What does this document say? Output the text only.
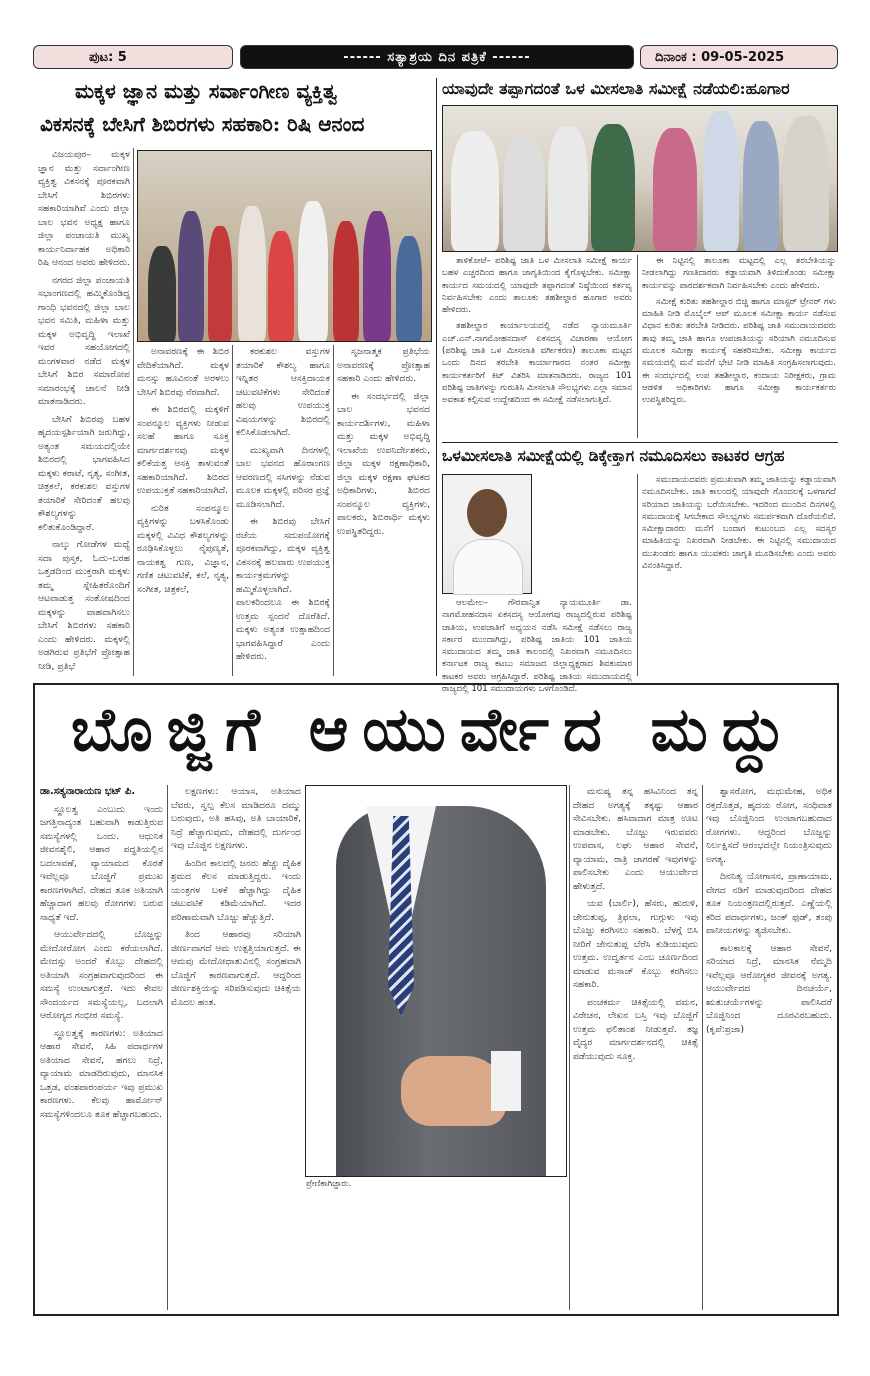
ಪುಟ: 5	------ ಸತ್ಯಾಶ್ರಯ ದಿನ ಪತ್ರಿಕೆ ------	ದಿನಾಂಕ : 09-05-2025
ಮಕ್ಕಳ ಜ್ಞಾನ ಮತ್ತು ಸರ್ವಾಂಗೀಣ ವ್ಯಕ್ತಿತ್ವ
ವಿಕಸನಕ್ಕೆ ಬೇಸಿಗೆ ಶಿಬಿರಗಳು ಸಹಕಾರಿ: ರಿಷಿ ಆನಂದ

ವಿಜಯಪುರ– ಮಕ್ಕಳ ಜ್ಞಾನ ಮತ್ತು ಸರ್ವಾಂಗೀಣ ವ್ಯಕ್ತಿತ್ವ ವಿಕಸನಕ್ಕೆ ಪೂರಕವಾಗಿ ಬೇಸಿಗೆ ಶಿಬಿರಗಳು ಸಹಕಾರಿಯಾಗಿವೆ ಎಂದು ಜಿಲ್ಲಾ ಬಾಲ ಭವನ ಅಧ್ಯಕ್ಷ ಹಾಗೂ ಜಿಲ್ಲಾ ಪಂಚಾಯತಿ ಮುಖ್ಯ ಕಾರ್ಯನಿರ್ವಾಹಕ ಅಧಿಕಾರಿ ರಿಷಿ ಆನಂದ ಅವರು ಹೇಳಿದರು.

ನಗರದ ಜಿಲ್ಲಾ ಪಂಚಾಯತಿ ಸಭಾಂಗಣದಲ್ಲಿ ಹಮ್ಮಿಕೊಂಡಿದ್ದ ಗಾಂಧಿ ಭವನದಲ್ಲಿ ಜಿಲ್ಲಾ ಬಾಲ ಭವನ ಸಮಿತಿ, ಮಹಿಳಾ ಮತ್ತು ಮಕ್ಕಳ ಅಭಿವೃದ್ಧಿ ಇಲಾಖೆ ಇವರ ಸಹಯೋಗದಲ್ಲಿ ಮಂಗಳವಾರ ನಡೆದ ಮಕ್ಕಳ ಬೇಸಿಗೆ ಶಿಬಿರ ಸಮಾರೋಪ ಸಮಾರಂಭಕ್ಕೆ ಚಾಲನೆ ನೀಡಿ ಮಾತನಾಡಿದರು.

ಬೇಸಿಗೆ ಶಿಬಿರವು ಬಹಳ ಹೃದಯಸ್ಪರ್ಶಿಯಾಗಿ ಜರುಗಿದ್ದು, ಅತ್ಯಂತ ಸಮಯದಲ್ಲಿಯೇ ಶಿಬಿರದಲ್ಲಿ ಭಾಗವಹಿಸಿದ ಮಕ್ಕಳು ಕರಾಟೆ, ನೃತ್ಯ, ಸಂಗೀತ, ಚಿತ್ರಕಲೆ, ಕರಕುಶಲ ವಸ್ತುಗಳ ತಯಾರಿಕೆ ಸೇರಿದಂತೆ ಹಲವು ಕೌಶಲ್ಯಗಳನ್ನು ಕಲಿತುಕೊಂಡಿದ್ದಾರೆ.

ನಾಲ್ಕು ಗೋಡೆಗಳ ಮಧ್ಯೆ ಸದಾ ಪುಸ್ತಕ, ಓದು–ಬರಹ ಒತ್ತಡದಿಂದ ಮುಕ್ತರಾಗಿ ಮಕ್ಕಳು ತಮ್ಮ ಸ್ನೇಹಿತರೊಂದಿಗೆ ಆಟವಾಡುತ್ತ ಸಂತೋಷದಿಂದ ಮಕ್ಕಳನ್ನು ವಾಹವಾಗಿಸಲು ಬೇಸಿಗೆ ಶಿಬಿರಗಳು ಸಹಕಾರಿ ಎಂದು ಹೇಳಿದರು. ಮಕ್ಕಳಲ್ಲಿ ಅಡಗಿರುವ ಪ್ರತಿಭೆಗೆ ಪ್ರೋತ್ಸಾಹ ನೀಡಿ, ಪ್ರತಿಭೆ

ಅನಾವರಣಕ್ಕೆ ಈ ಶಿಬಿರ ವೇದಿಕೆಯಾಗಿದೆ. ಮಕ್ಕಳ ಮನಸ್ಸು ಹೂವಿನಂತೆ ಅರಳಲು ಬೇಸಿಗೆ ಶಿಬಿರವು ನೆರವಾಗಿದೆ.

ಈ ಶಿಬಿರದಲ್ಲಿ ಮಕ್ಕಳಿಗೆ ಸಂಪನ್ಮೂಲ ವ್ಯಕ್ತಿಗಳು ನೀಡುವ ಸಲಹೆ ಹಾಗೂ ಸೂಕ್ತ ಮಾರ್ಗದರ್ಶನವು ಮಕ್ಕಳ ಕಲಿಕೆಯತ್ತ ಆಸಕ್ತಿ ತಾಳುವಂತೆ ಸಹಕಾರಿಯಾಗಿದೆ. ಶಿಬಿರದ ಉಪಯುಕ್ತತೆ ಸಹಕಾರಿಯಾಗಿದೆ.

ನುರಿತ ಸಂಪನ್ಮೂಲ ವ್ಯಕ್ತಿಗಳನ್ನು ಬಳಸಿಕೊಂಡು ಮಕ್ಕಳಲ್ಲಿ ವಿವಿಧ ಕೌಶಲ್ಯಗಳನ್ನು ರೂಢಿಸಿಕೊಳ್ಳಲು ನೈಪುಣ್ಯತೆ, ನಾಯಕತ್ವ ಗುಣ, ವಿಜ್ಞಾನ, ಗಣಿತ ಚಟುವಟಿಕೆ, ಕಲೆ, ನೃತ್ಯ, ಸಂಗೀತ, ಚಿತ್ರಕಲೆ,

ಕರಕುಶಲ ವಸ್ತುಗಳ ತಯಾರಿಕೆ ಕೌಶಲ್ಯ ಹಾಗೂ ಇನ್ನಿತರ ಆಸಕ್ತಿದಾಯಕ ಚಟುವಟಿಕೆಗಳು ಸೇರಿದಂತೆ ಹಲವು ಉಪಯುಕ್ತ ವಿಷಯಗಳನ್ನು ಶಿಬಿರದಲ್ಲಿ ಕಲಿಸಿಕೊಡಲಾಗಿದೆ.

ಮುಖ್ಯವಾಗಿ ದಿನಗಳಲ್ಲಿ ಬಾಲ ಭವನದ ಹೊರಾಂಗಣ ಆವರಣದಲ್ಲಿ ಸಸಿಗಳನ್ನು ನೆಡುವ ಮೂಲಕ ಮಕ್ಕಳಲ್ಲಿ ಪರಿಸರ ಪ್ರಜ್ಞೆ ಮೂಡಿಸಲಾಗಿದೆ.

ಈ ಶಿಬಿರವು ಬೇಸಿಗೆ ರಜೆಯ ಸದುಪಯೋಗಕ್ಕೆ ಪೂರಕವಾಗಿದ್ದು, ಮಕ್ಕಳ ವ್ಯಕ್ತಿತ್ವ ವಿಕಸನಕ್ಕೆ ಹಲವಾರು ಉಪಯುಕ್ತ ಕಾರ್ಯಕ್ರಮಗಳನ್ನು ಹಮ್ಮಿಕೊಳ್ಳಲಾಗಿದೆ. ಪಾಲಕರಿಂದಲೂ ಈ ಶಿಬಿರಕ್ಕೆ ಉತ್ತಮ ಸ್ಪಂದನೆ ದೊರೆತಿದೆ. ಮಕ್ಕಳು ಅತ್ಯಂತ ಉತ್ಸಾಹದಿಂದ ಭಾಗವಹಿಸಿದ್ದಾರೆ ಎಂದು ಹೇಳಿದರು.

ಸೃಜನಾತ್ಮಕ ಪ್ರತಿಭೆಯ ಅನಾವರಣಕ್ಕೆ ಪ್ರೋತ್ಸಾಹ ಸಹಕಾರಿ ಎಂದು ಹೇಳಿದರು.

ಈ ಸಂದರ್ಭದಲ್ಲಿ ಜಿಲ್ಲಾ ಬಾಲ ಭವನದ ಕಾರ್ಯದರ್ಶಿಗಳು, ಮಹಿಳಾ ಮತ್ತು ಮಕ್ಕಳ ಅಭಿವೃದ್ಧಿ ಇಲಾಖೆಯ ಉಪನಿರ್ದೇಶಕರು, ಜಿಲ್ಲಾ ಮಕ್ಕಳ ರಕ್ಷಣಾಧಿಕಾರಿ, ಜಿಲ್ಲಾ ಮಕ್ಕಳ ರಕ್ಷಣಾ ಘಟಕದ ಅಧಿಕಾರಿಗಳು, ಶಿಬಿರದ ಸಂಪನ್ಮೂಲ ವ್ಯಕ್ತಿಗಳು, ಪಾಲಕರು, ಶಿಬಿರಾರ್ಥಿ ಮಕ್ಕಳು ಉಪಸ್ಥಿತರಿದ್ದರು.

ಯಾವುದೇ ತಪ್ಪಾಗದಂತೆ ಒಳ ಮೀಸಲಾತಿ ಸಮೀಕ್ಷೆ ನಡೆಯಲಿ:ಹೂಗಾರ

ತಾಳಿಕೋಟೆ– ಪರಿಶಿಷ್ಟ ಜಾತಿ ಒಳ ಮೀಸಲಾತಿ ಸಮೀಕ್ಷೆ ಕಾರ್ಯ ಬಹಳ ಎಚ್ಚರದಿಂದ ಹಾಗೂ ಜಾಗೃತಿಯಿಂದ ಕೈಗೊಳ್ಳಬೇಕು. ಸಮೀಕ್ಷಾ ಕಾರ್ಯದ ಸಮಯದಲ್ಲಿ ಯಾವುದೇ ತಪ್ಪಾಗದಂತೆ ನಿಷ್ಠೆಯಿಂದ ಕರ್ತವ್ಯ ನಿರ್ವಹಿಸಬೇಕು ಎಂದು ತಾಲೂಕು ತಹಶೀಲ್ದಾರ ಹೂಗಾರ ಅವರು ಹೇಳಿದರು.

ತಹಶೀಲ್ದಾರ ಕಾರ್ಯಾಲಯದಲ್ಲಿ ನಡೆದ ನ್ಯಾಯಮೂರ್ತಿ ಎಚ್.ಎನ್.ನಾಗಮೋಹನದಾಸ್ ಏಕಸದಸ್ಯ ವಿಚಾರಣಾ ಆಯೋಗ (ಪರಿಶಿಷ್ಟ ಜಾತಿ ಒಳ ಮೀಸಲಾತಿ ವರ್ಗೀಕರಣ) ತಾಲೂಕಾ ಮಟ್ಟದ ಒಂದು ದಿನದ ತರಬೇತಿ ಕಾರ್ಯಾಗಾರದ ನಂತರ ಸಮೀಕ್ಷಾ ಕಾರ್ಯಕರ್ತರಿಗೆ ಕಿಟ್ ವಿತರಿಸಿ ಮಾತನಾಡಿದರು. ರಾಜ್ಯದ 101 ಪರಿಶಿಷ್ಟ ಜಾತಿಗಳನ್ನು ಗುರುತಿಸಿ ಮೀಸಲಾತಿ ಸೌಲಭ್ಯಗಳು ಎಲ್ಲಾ ಸಮಾನ ಅವಕಾಶ ಕಲ್ಪಿಸುವ ಉದ್ದೇಶದಿಂದ ಈ ಸಮೀಕ್ಷೆ ನಡೆಸಲಾಗುತ್ತಿದೆ.

ಈ ನಿಟ್ಟಿನಲ್ಲಿ ತಾಲೂಕಾ ಮಟ್ಟದಲ್ಲಿ ಎಲ್ಲ ತರಬೇತಿಯನ್ನು ನೀಡಲಾಗಿದ್ದು ಗಣತಿದಾರರು ಕಡ್ಡಾಯವಾಗಿ ತಿಳಿದುಕೊಂಡು ಸಮೀಕ್ಷಾ ಕಾರ್ಯವನ್ನು ಪಾರದರ್ಶಕವಾಗಿ ನಿರ್ವಹಿಸಬೇಕು ಎಂದು ಹೇಳಿದರು.

ಸಮೀಕ್ಷೆ ಕುರಿತು ತಹಶೀಲ್ದಾರ ಬಿಚ್ಚಿ ಹಾಗೂ ಮಾಸ್ಟರ್ ಟ್ರೇನರ್ ಗಳು ಮಾಹಿತಿ ನೀಡಿ ಮೊಬೈಲ್ ಆಪ್ ಮೂಲಕ ಸಮೀಕ್ಷಾ ಕಾರ್ಯ ನಡೆಸುವ ವಿಧಾನ ಕುರಿತು ತರಬೇತಿ ನೀಡಿದರು. ಪರಿಶಿಷ್ಟ ಜಾತಿ ಸಮುದಾಯದವರು ತಾವು ತಮ್ಮ ಜಾತಿ ಹಾಗೂ ಉಪಜಾತಿಯನ್ನು ಸರಿಯಾಗಿ ನಮೂದಿಸುವ ಮೂಲಕ ಸಮೀಕ್ಷಾ ಕಾರ್ಯಕ್ಕೆ ಸಹಕರಿಸಬೇಕು. ಸಮೀಕ್ಷಾ ಕಾರ್ಯದ ಸಮಯದಲ್ಲಿ ಮನೆ ಮನೆಗೆ ಭೇಟಿ ನೀಡಿ ಮಾಹಿತಿ ಸಂಗ್ರಹಿಸಲಾಗುವುದು. ಈ ಸಂದರ್ಭದಲ್ಲಿ ಉಪ ತಹಶೀಲ್ದಾರ, ಕಂದಾಯ ನಿರೀಕ್ಷಕರು, ಗ್ರಾಮ ಆಡಳಿತ ಅಧಿಕಾರಿಗಳು ಹಾಗೂ ಸಮೀಕ್ಷಾ ಕಾರ್ಯಕರ್ತರು ಉಪಸ್ಥಿತರಿದ್ದರು.

ಒಳಮೀಸಲಾತಿ ಸಮೀಕ್ಷೆಯಲ್ಲಿ ಡಿಕ್ಕೇಕ್ತಾಗ ನಮೂದಿಸಲು ಕಾಟಕರ ಆಗ್ರಹ

ಆಲಮೇಲ– ಗೌರವಾನ್ವಿತ ನ್ಯಾಯಮೂರ್ತಿ ಡಾ. ನಾಗಮೋಹನದಾಸ ಏಕಸದಸ್ಯ ಆಯೋಗವು ರಾಜ್ಯದಲ್ಲಿರುವ ಪರಿಶಿಷ್ಟ ಜಾತಿಯ, ಉಪಜಾತಿಗೆ ಅಧ್ಯಯನ ನಡೆಸಿ ಸಮೀಕ್ಷೆ ನಡೆಸಲು ರಾಜ್ಯ ಸರ್ಕಾರ ಮುಂದಾಗಿದ್ದು, ಪರಿಶಿಷ್ಟ ಜಾತಿಯ 101 ಜಾತಿಯ ಸಮುದಾಯದ ತಮ್ಮ ಜಾತಿ ಕಾಲಂದಲ್ಲಿ ನಿಖರವಾಗಿ ನಮೂದಿಸಲು ಕರ್ನಾಟಕ ರಾಜ್ಯ ಕಟಬು ಸಮಾಜದ ಜಿಲ್ಲಾಧ್ಯಕ್ಷರಾದ ಶಿವಕುಮಾರ ಕಾಟಕರ ಅವರು ಆಗ್ರಹಿಸಿದ್ದಾರೆ. ಪರಿಶಿಷ್ಟ ಜಾತಿಯ ಸಮುದಾಯದಲ್ಲಿ ರಾಜ್ಯದಲ್ಲಿ 101 ಸಮುದಾಯಗಳು ಒಳಗೊಂಡಿದೆ.

ಸಮುದಾಯದವರು ಪ್ರಮುಖವಾಗಿ ತಮ್ಮ ಜಾತಿಯನ್ನು ಕಡ್ಡಾಯವಾಗಿ ನಮೂದಿಸಬೇಕು. ಜಾತಿ ಕಾಲಂದಲ್ಲಿ ಯಾವುದೇ ಗೊಂದಲಕ್ಕೆ ಒಳಗಾಗದೆ ಸರಿಯಾದ ಜಾತಿಯನ್ನು ಬರೆಯಿಸಬೇಕು. ಇದರಿಂದ ಮುಂದಿನ ದಿನಗಳಲ್ಲಿ ಸಮುದಾಯಕ್ಕೆ ಸಿಗಬೇಕಾದ ಸೌಲಭ್ಯಗಳು ಸಮರ್ಪಕವಾಗಿ ದೊರೆಯಲಿವೆ. ಸಮೀಕ್ಷಾದಾರರು ಮನೆಗೆ ಬಂದಾಗ ಕುಟುಂಬದ ಎಲ್ಲ ಸದಸ್ಯರ ಮಾಹಿತಿಯನ್ನು ನಿಖರವಾಗಿ ನೀಡಬೇಕು. ಈ ನಿಟ್ಟಿನಲ್ಲಿ ಸಮುದಾಯದ ಮುಖಂಡರು ಹಾಗೂ ಯುವಕರು ಜಾಗೃತಿ ಮೂಡಿಸಬೇಕು ಎಂದು ಅವರು ವಿನಂತಿಸಿದ್ದಾರೆ.

ಬೊಜ್ಜಿಗೆ ಆಯುರ್ವೇದ ಮದ್ದು

ಡಾ.ಸತ್ಯನಾರಾಯಣ ಭಟ್ ಪಿ.

ಸ್ಥೂಲತ್ವ ಎಂಬುದು ಇಂದು ಜಗತ್ತಿನಾದ್ಯಂತ ಬಹುವಾಗಿ ಕಾಡುತ್ತಿರುವ ಸಮಸ್ಯೆಗಳಲ್ಲಿ ಒಂದು. ಆಧುನಿಕ ಜೀವನಶೈಲಿ, ಆಹಾರ ಪದ್ಧತಿಯಲ್ಲಿನ ಬದಲಾವಣೆ, ವ್ಯಾಯಾಮದ ಕೊರತೆ ಇವೆಲ್ಲವೂ ಬೊಜ್ಜಿಗೆ ಪ್ರಮುಖ ಕಾರಣಗಳಾಗಿವೆ. ದೇಹದ ತೂಕ ಅತಿಯಾಗಿ ಹೆಚ್ಚಾದಾಗ ಹಲವು ರೋಗಗಳು ಬರುವ ಸಾಧ್ಯತೆ ಇದೆ.

ಆಯುರ್ವೇದದಲ್ಲಿ ಬೊಜ್ಜನ್ನು ಮೇದೋರೋಗ ಎಂದು ಕರೆಯಲಾಗಿದೆ. ಮೇದಸ್ಸು ಅಂದರೆ ಕೊಬ್ಬು ದೇಹದಲ್ಲಿ ಅತಿಯಾಗಿ ಸಂಗ್ರಹವಾಗುವುದರಿಂದ ಈ ಸಮಸ್ಯೆ ಉಂಟಾಗುತ್ತದೆ. ಇದು ಕೇವಲ ಸೌಂದರ್ಯದ ಸಮಸ್ಯೆಯಲ್ಲ, ಬದಲಾಗಿ ಆರೋಗ್ಯದ ಗಂಭೀರ ಸಮಸ್ಯೆ.

ಸ್ಥೂಲತ್ವಕ್ಕೆ ಕಾರಣಗಳು: ಅತಿಯಾದ ಆಹಾರ ಸೇವನೆ, ಸಿಹಿ ಪದಾರ್ಥಗಳ ಅತಿಯಾದ ಸೇವನೆ, ಹಗಲು ನಿದ್ರೆ, ವ್ಯಾಯಾಮ ಮಾಡದಿರುವುದು, ಮಾನಸಿಕ ಒತ್ತಡ, ವಂಶಪಾರಂಪರ್ಯ ಇವು ಪ್ರಮುಖ ಕಾರಣಗಳು. ಕೆಲವು ಹಾರ್ಮೋನ್ ಸಮಸ್ಯೆಗಳಿಂದಲೂ ತೂಕ ಹೆಚ್ಚಾಗಬಹುದು.

ಲಕ್ಷಣಗಳು: ಆಯಾಸ, ಅತಿಯಾದ ಬೆವರು, ಸ್ವಲ್ಪ ಕೆಲಸ ಮಾಡಿದರೂ ದಮ್ಮು ಬರುವುದು, ಅತಿ ಹಸಿವು, ಅತಿ ಬಾಯಾರಿಕೆ, ನಿದ್ರೆ ಹೆಚ್ಚಾಗುವುದು, ದೇಹದಲ್ಲಿ ದುರ್ಗಂಧ ಇವು ಬೊಜ್ಜಿನ ಲಕ್ಷಣಗಳು.

ಹಿಂದಿನ ಕಾಲದಲ್ಲಿ ಜನರು ಹೆಚ್ಚು ದೈಹಿಕ ಶ್ರಮದ ಕೆಲಸ ಮಾಡುತ್ತಿದ್ದರು. ಇಂದು ಯಂತ್ರಗಳ ಬಳಕೆ ಹೆಚ್ಚಾಗಿದ್ದು ದೈಹಿಕ ಚಟುವಟಿಕೆ ಕಡಿಮೆಯಾಗಿದೆ. ಇದರ ಪರಿಣಾಮವಾಗಿ ಬೊಜ್ಜು ಹೆಚ್ಚುತ್ತಿದೆ.

ತಿಂದ ಆಹಾರವು ಸರಿಯಾಗಿ ಜೀರ್ಣವಾಗದೆ ಆಮ ಉತ್ಪತ್ತಿಯಾಗುತ್ತದೆ. ಈ ಆಮವು ಮೇದೋಧಾತುವಿನಲ್ಲಿ ಸಂಗ್ರಹವಾಗಿ ಬೊಜ್ಜಿಗೆ ಕಾರಣವಾಗುತ್ತದೆ. ಆದ್ದರಿಂದ ಜೀರ್ಣಶಕ್ತಿಯನ್ನು ಸರಿಪಡಿಸುವುದು ಚಿಕಿತ್ಸೆಯ ಮೊದಲ ಹಂತ.

ಪ್ರೇಣಿಕಾಗಿಜ್ಜಾರು.

ಮನುಷ್ಯ ತನ್ನ ಹಸಿವಿನಿಂದ ತನ್ನ ದೇಹದ ಅಗತ್ಯಕ್ಕೆ ತಕ್ಕಷ್ಟು ಆಹಾರ ಸೇವಿಸಬೇಕು. ಹಸಿವಾದಾಗ ಮಾತ್ರ ಊಟ ಮಾಡಬೇಕು. ಬೊಜ್ಜು ಇರುವವರು ಉಪವಾಸ, ಲಘು ಆಹಾರ ಸೇವನೆ, ವ್ಯಾಯಾಮ, ರಾತ್ರಿ ಜಾಗರಣೆ ಇವುಗಳನ್ನು ಪಾಲಿಸಬೇಕು ಎಂದು ಆಯುರ್ವೇದ ಹೇಳುತ್ತದೆ.

ಯವ (ಬಾರ್ಲಿ), ಹೆಸರು, ಹುರುಳಿ, ಜೇನುತುಪ್ಪ, ತ್ರಿಫಲಾ, ಗುಗ್ಗುಳು ಇವು ಬೊಜ್ಜು ಕರಗಿಸಲು ಸಹಕಾರಿ. ಬೆಳಗ್ಗೆ ಬಿಸಿ ನೀರಿಗೆ ಜೇನುತುಪ್ಪ ಬೆರೆಸಿ ಕುಡಿಯುವುದು ಉತ್ತಮ. ಉದ್ವರ್ತನ ಎಂಬ ಚೂರ್ಣದಿಂದ ಮಾಡುವ ಮಸಾಜ್ ಕೊಬ್ಬು ಕರಗಿಸಲು ಸಹಕಾರಿ.

ಪಂಚಕರ್ಮ ಚಿಕಿತ್ಸೆಯಲ್ಲಿ ವಮನ, ವಿರೇಚನ, ಲೇಖನ ಬಸ್ತಿ ಇವು ಬೊಜ್ಜಿಗೆ ಉತ್ತಮ ಫಲಿತಾಂಶ ನೀಡುತ್ತವೆ. ತಜ್ಞ ವೈದ್ಯರ ಮಾರ್ಗದರ್ಶನದಲ್ಲಿ ಚಿಕಿತ್ಸೆ ಪಡೆಯುವುದು ಸೂಕ್ತ.

ಶ್ವಾಸರೋಗ, ಮಧುಮೇಹ, ಅಧಿಕ ರಕ್ತದೊತ್ತಡ, ಹೃದಯ ರೋಗ, ಸಂಧಿವಾತ ಇವು ಬೊಜ್ಜಿನಿಂದ ಉಂಟಾಗಬಹುದಾದ ರೋಗಗಳು. ಆದ್ದರಿಂದ ಬೊಜ್ಜನ್ನು ನಿರ್ಲಕ್ಷಿಸದೆ ಆರಂಭದಲ್ಲೇ ನಿಯಂತ್ರಿಸುವುದು ಅಗತ್ಯ.

ದಿನನಿತ್ಯ ಯೋಗಾಸನ, ಪ್ರಾಣಾಯಾಮ, ವೇಗದ ನಡಿಗೆ ಮಾಡುವುದರಿಂದ ದೇಹದ ತೂಕ ನಿಯಂತ್ರಣದಲ್ಲಿರುತ್ತದೆ. ಎಣ್ಣೆಯಲ್ಲಿ ಕರಿದ ಪದಾರ್ಥಗಳು, ಜಂಕ್ ಫುಡ್, ತಂಪು ಪಾನೀಯಗಳನ್ನು ತ್ಯಜಿಸಬೇಕು.

ಕಾಲಕಾಲಕ್ಕೆ ಆಹಾರ ಸೇವನೆ, ಸರಿಯಾದ ನಿದ್ರೆ, ಮಾನಸಿಕ ನೆಮ್ಮದಿ ಇವೆಲ್ಲವೂ ಆರೋಗ್ಯಕರ ಜೀವನಕ್ಕೆ ಅಗತ್ಯ. ಆಯುರ್ವೇದದ ದಿನಚರ್ಯೆ, ಋತುಚರ್ಯೆಗಳನ್ನು ಪಾಲಿಸಿದರೆ ಬೊಜ್ಜಿನಿಂದ ದೂರವಿರಬಹುದು. (ಕೃಪೆ:ಪ್ರಜಾ)
